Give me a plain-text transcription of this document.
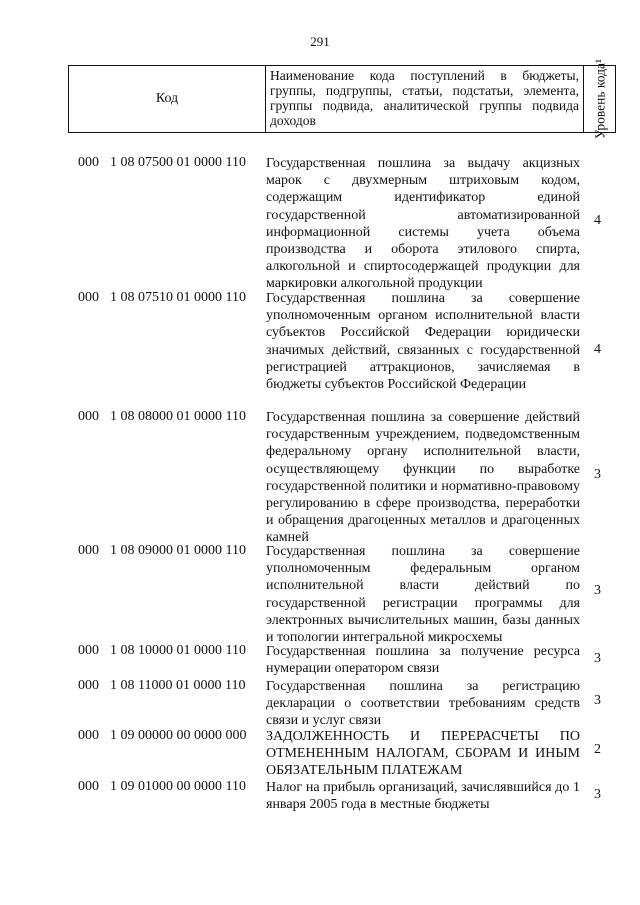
291
Код
Наименование кода поступлений в бюджеты, группы, подгруппы, статьи, подстатьи, элемента, группы подвида, аналитической группы подвида доходов	Уровень кода¹
000 1 08 07500 01 0000 110 Государственная пошлина за выдачу акцизных марок с двухмерным штриховым кодом, содержащим идентификатор единой государственной автоматизированной информационной системы учета объема производства и оборота этилового спирта, алкогольной и спиртосодержащей продукции для маркировки алкогольной продукции
4
000 1 08 07510 01 0000 110 Государственная пошлина за совершение уполномоченным органом исполнительной власти субъектов Российской Федерации юридически значимых действий, связанных с государственной регистрацией аттракционов, зачисляемая в бюджеты субъектов Российской Федерации
4
000 1 08 08000 01 0000 110 Государственная пошлина за совершение действий государственным учреждением, подведомственным федеральному органу исполнительной власти, осуществляющему функции по выработке государственной политики и нормативно-правовому регулированию в сфере производства, переработки и обращения драгоценных металлов и драгоценных камней
3
000 1 08 09000 01 0000 110 Государственная пошлина за совершение уполномоченным федеральным органом исполнительной власти действий по государственной регистрации программы для электронных вычислительных машин, базы данных и топологии интегральной микросхемы
3
000 1 08 10000 01 0000 110 Государственная пошлина за получение ресурса нумерации оператором связи
3
000 1 08 11000 01 0000 110 Государственная пошлина за регистрацию декларации о соответствии требованиям средств связи и услуг связи
3
000 1 09 00000 00 0000 000 ЗАДОЛЖЕННОСТЬ И ПЕРЕРАСЧЕТЫ ПО ОТМЕНЕННЫМ НАЛОГАМ, СБОРАМ И ИНЫМ ОБЯЗАТЕЛЬНЫМ ПЛАТЕЖАМ
2
000 1 09 01000 00 0000 110 Налог на прибыль организаций, зачислявшийся до 1 января 2005 года в местные бюджеты
3
